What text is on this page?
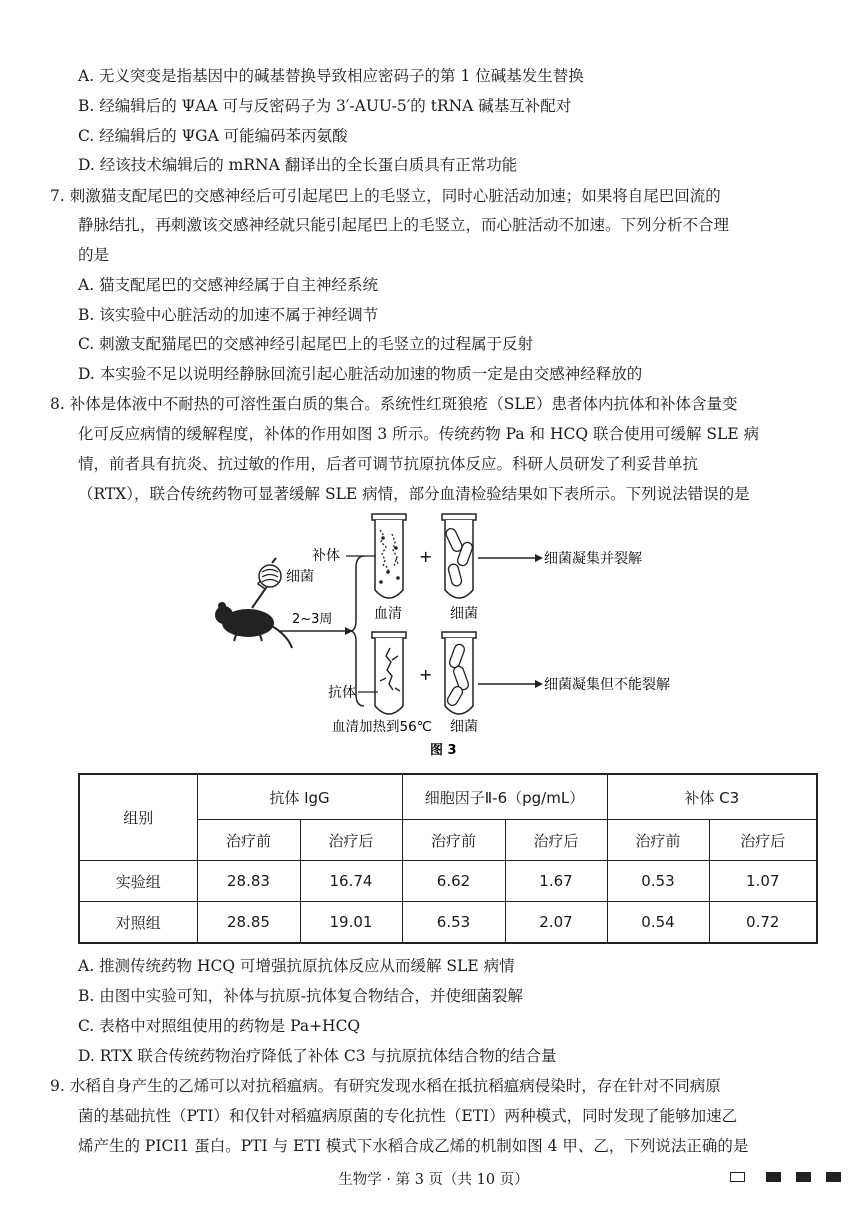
A. 无义突变是指基因中的碱基替换导致相应密码子的第 1 位碱基发生替换
B. 经编辑后的 ΨAA 可与反密码子为 3′-AUU-5′的 tRNA 碱基互补配对
C. 经编辑后的 ΨGA 可能编码苯丙氨酸
D. 经该技术编辑后的 mRNA 翻译出的全长蛋白质具有正常功能
7. 刺激猫支配尾巴的交感神经后可引起尾巴上的毛竖立，同时心脏活动加速；如果将自尾巴回流的
静脉结扎，再刺激该交感神经就只能引起尾巴上的毛竖立，而心脏活动不加速。下列分析不合理
的是
A. 猫支配尾巴的交感神经属于自主神经系统
B. 该实验中心脏活动的加速不属于神经调节
C. 刺激支配猫尾巴的交感神经引起尾巴上的毛竖立的过程属于反射
D. 本实验不足以说明经静脉回流引起心脏活动加速的物质一定是由交感神经释放的
8. 补体是体液中不耐热的可溶性蛋白质的集合。系统性红斑狼疮（SLE）患者体内抗体和补体含量变
化可反应病情的缓解程度，补体的作用如图 3 所示。传统药物 Pa 和 HCQ 联合使用可缓解 SLE 病
情，前者具有抗炎、抗过敏的作用，后者可调节抗原抗体反应。科研人员研发了利妥昔单抗
（RTX），联合传统药物可显著缓解 SLE 病情，部分血清检验结果如下表所示。下列说法错误的是
细菌
2~3周
补体
血清
+
细菌
细菌凝集并裂解
抗体
血清加热到56℃
+
细菌
细菌凝集但不能裂解
图 3
组别	抗体 IgG		细胞因子Ⅱ-6（pg/mL）		补体 C3	
	治疗前	治疗后	治疗前	治疗后	治疗前	治疗后
实验组	28.83	16.74	6.62	1.67	0.53	1.07
对照组	28.85	19.01	6.53	2.07	0.54	0.72
A. 推测传统药物 HCQ 可增强抗原抗体反应从而缓解 SLE 病情
B. 由图中实验可知，补体与抗原-抗体复合物结合，并使细菌裂解
C. 表格中对照组使用的药物是 Pa+HCQ
D. RTX 联合传统药物治疗降低了补体 C3 与抗原抗体结合物的结合量
9. 水稻自身产生的乙烯可以对抗稻瘟病。有研究发现水稻在抵抗稻瘟病侵染时，存在针对不同病原
菌的基础抗性（PTI）和仅针对稻瘟病原菌的专化抗性（ETI）两种模式，同时发现了能够加速乙
烯产生的 PICI1 蛋白。PTI 与 ETI 模式下水稻合成乙烯的机制如图 4 甲、乙，下列说法正确的是
生物学 · 第 3 页（共 10 页）
